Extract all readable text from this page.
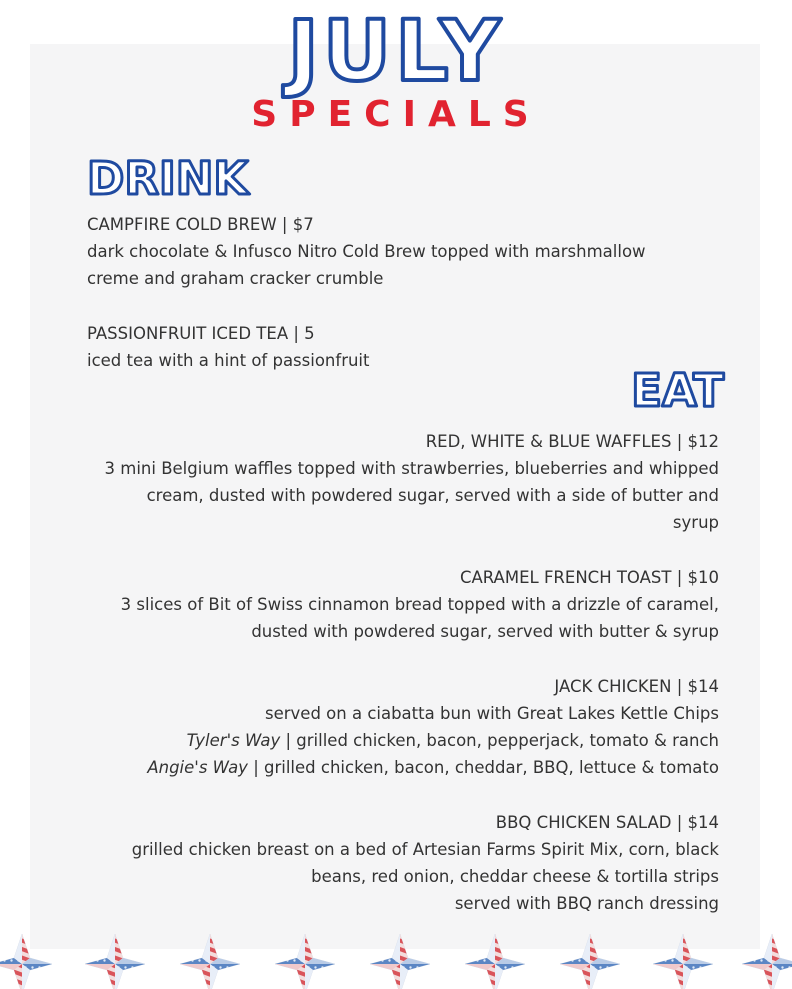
JULY
SPECIALS
DRINK
CAMPFIRE COLD BREW | $7
dark chocolate & Infusco Nitro Cold Brew topped with marshmallow
creme and graham cracker crumble
PASSIONFRUIT ICED TEA | 5
iced tea with a hint of passionfruit
EAT
RED, WHITE & BLUE WAFFLES | $12
3 mini Belgium waffles topped with strawberries, blueberries and whipped
cream, dusted with powdered sugar, served with a side of butter and
syrup
CARAMEL FRENCH TOAST | $10
3 slices of Bit of Swiss cinnamon bread topped with a drizzle of caramel,
dusted with powdered sugar, served with butter & syrup
JACK CHICKEN | $14
served on a ciabatta bun with Great Lakes Kettle Chips
Tyler's Way | grilled chicken, bacon, pepperjack, tomato & ranch
Angie's Way | grilled chicken, bacon, cheddar, BBQ, lettuce & tomato
BBQ CHICKEN SALAD | $14
grilled chicken breast on a bed of Artesian Farms Spirit Mix, corn, black
beans, red onion, cheddar cheese & tortilla strips
served with BBQ ranch dressing
